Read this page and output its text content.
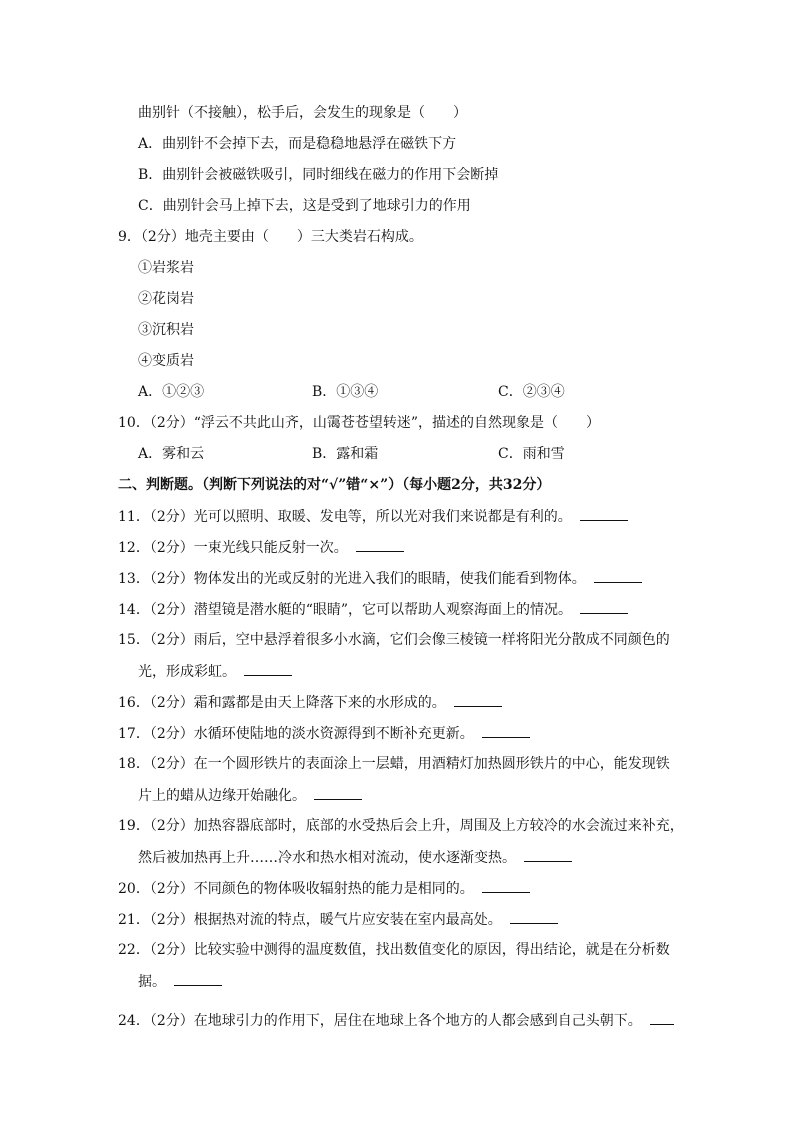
曲别针（不接触），松手后，会发生的现象是（　　）
A．曲别针不会掉下去，而是稳稳地悬浮在磁铁下方
B．曲别针会被磁铁吸引，同时细线在磁力的作用下会断掉
C．曲别针会马上掉下去，这是受到了地球引力的作用
9．（2分）地壳主要由（　　）三大类岩石构成。
①岩浆岩
②花岗岩
③沉积岩
④变质岩
A．①②③	B．①③④	C．②③④
10．（2分）“浮云不共此山齐，山霭苍苍望转迷”，描述的自然现象是（　　）
A．雾和云	B．露和霜	C．雨和雪
二、判断题。（判断下列说法的对“√”错“×”）（每小题2分，共32分）
11．（2分）光可以照明、取暖、发电等，所以光对我们来说都是有利的。
12．（2分）一束光线只能反射一次。
13．（2分）物体发出的光或反射的光进入我们的眼睛，使我们能看到物体。
14．（2分）潜望镜是潜水艇的“眼睛”，它可以帮助人观察海面上的情况。
15．（2分）雨后，空中悬浮着很多小水滴，它们会像三棱镜一样将阳光分散成不同颜色的
光，形成彩虹。
16．（2分）霜和露都是由天上降落下来的水形成的。
17．（2分）水循环使陆地的淡水资源得到不断补充更新。
18．（2分）在一个圆形铁片的表面涂上一层蜡，用酒精灯加热圆形铁片的中心，能发现铁
片上的蜡从边缘开始融化。
19．（2分）加热容器底部时，底部的水受热后会上升，周围及上方较冷的水会流过来补充，
然后被加热再上升……冷水和热水相对流动，使水逐渐变热。
20．（2分）不同颜色的物体吸收辐射热的能力是相同的。
21．（2分）根据热对流的特点，暖气片应安装在室内最高处。
22．（2分）比较实验中测得的温度数值，找出数值变化的原因，得出结论，就是在分析数
据。
24．（2分）在地球引力的作用下，居住在地球上各个地方的人都会感到自己头朝下。
